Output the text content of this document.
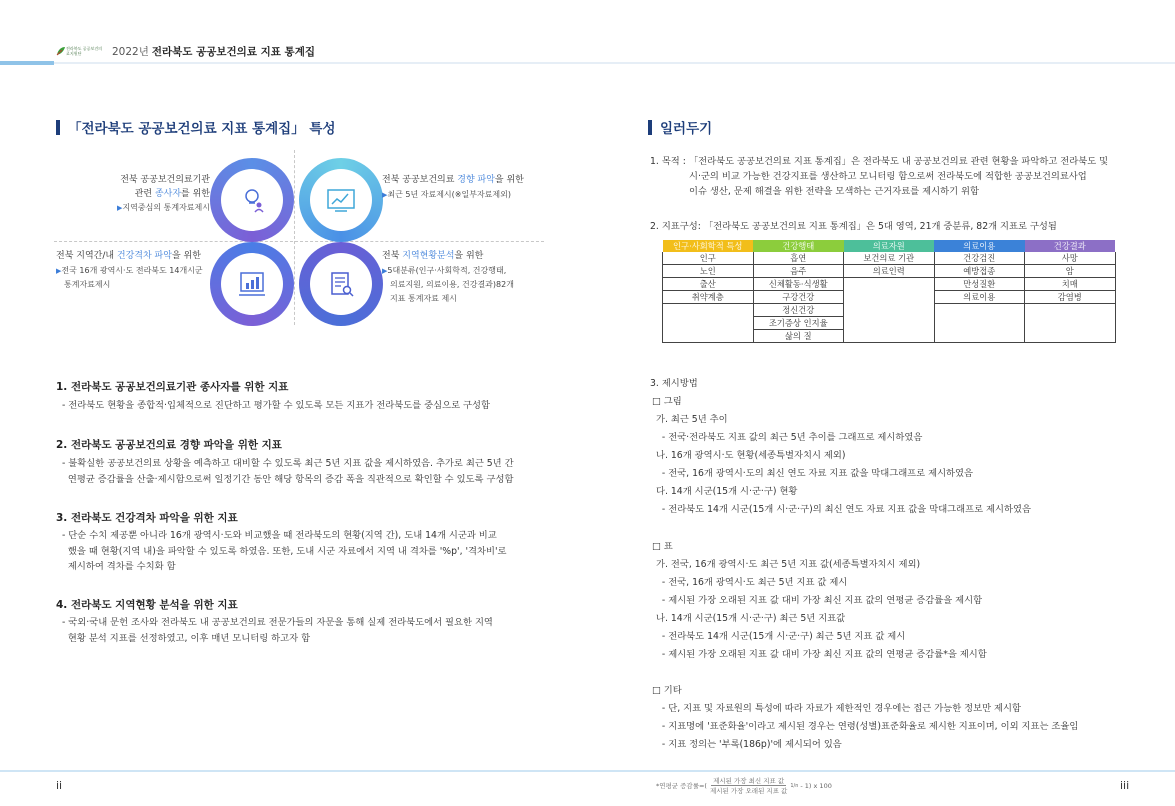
전라북도 공공보건의료지원단	2022년 전라북도 공공보건의료 지표 통계집
「전라북도 공공보건의료 지표 통계집」 특성
전북 공공보건의료기관
관련 종사자를 위한
▶지역중심의 통계자료제시
전북 공공보건의료 경향 파악을 위한
▶최근 5년 자료제시(※일부자료제외)
전북 지역간/내 건강격차 파악을 위한
▶전국 16개 광역시·도 전라북도 14개시군
통계자료제시
전북 지역현황분석을 위한
▶5대분류(인구·사회학적, 건강행태,
의료지원, 의료이용, 건강결과)82개
지표 통계자료 제시
1. 전라북도 공공보건의료기관 종사자를 위한 지표
- 전라북도 현황을 종합적·입체적으로 진단하고 평가할 수 있도록 모든 지표가 전라북도를 중심으로 구성함
2. 전라북도 공공보건의료 경향 파악을 위한 지표
- 불확실한 공공보건의료 상황을 예측하고 대비할 수 있도록 최근 5년 지표 값을 제시하였음. 추가로 최근 5년 간
연평균 증감률을 산출·제시함으로써 일정기간 동안 해당 항목의 증감 폭을 직관적으로 확인할 수 있도록 구성함
3. 전라북도 건강격차 파악을 위한 지표
- 단순 수치 제공뿐 아니라 16개 광역시·도와 비교했을 때 전라북도의 현황(지역 간), 도내 14개 시군과 비교
했을 때 현황(지역 내)을 파악할 수 있도록 하였음. 또한, 도내 시군 자료에서 지역 내 격차를 '%p', '격차비'로
제시하여 격차를 수치화 함
4. 전라북도 지역현황 분석을 위한 지표
- 국외·국내 문헌 조사와 전라북도 내 공공보건의료 전문가들의 자문을 통해 실제 전라북도에서 필요한 지역
현황 분석 지표를 선정하였고, 이후 매년 모니터링 하고자 함
일러두기
1. 목적 : 「전라북도 공공보건의료 지표 통계집」은 전라북도 내 공공보건의료 관련 현황을 파악하고 전라북도 및
시·군의 비교 가능한 건강지표를 생산하고 모니터링 함으로써 전라북도에 적합한 공공보건의료사업
이슈 생산, 문제 해결을 위한 전략을 모색하는 근거자료를 제시하기 위함
2. 지표구성: 「전라북도 공공보건의료 지표 통계집」은 5대 영역, 21개 중분류, 82개 지표로 구성됨
인구·사회학적 특성	건강행태	의료자원	의료이용	건강결과
인구	흡연	보건의료 기관	건강검진	사망
노인	음주	의료인력	예방접종	암
출산	신체활동·식생활		만성질환	치매
취약계층	구강건강		의료이용	감염병
	정신건강			
	조기증상 인지율			
	삶의 질			
3. 제시방법
□ 그림
가. 최근 5년 추이
- 전국·전라북도 지표 값의 최근 5년 추이를 그래프로 제시하였음
나. 16개 광역시·도 현황(세종특별자치시 제외)
- 전국, 16개 광역시·도의 최신 연도 자료 지표 값을 막대그래프로 제시하였음
다. 14개 시군(15개 시·군·구) 현황
- 전라북도 14개 시군(15개 시·군·구)의 최신 연도 자료 지표 값을 막대그래프로 제시하였음
□ 표
가. 전국, 16개 광역시·도 최근 5년 지표 값(세종특별자치시 제외)
- 전국, 16개 광역시·도 최근 5년 지표 값 제시
- 제시된 가장 오래된 지표 값 대비 가장 최신 지표 값의 연평균 증감률을 제시함
나. 14개 시군(15개 시·군·구) 최근 5년 지표값
- 전라북도 14개 시군(15개 시·군·구) 최근 5년 지표 값 제시
- 제시된 가장 오래된 지표 값 대비 가장 최신 지표 값의 연평균 증감률*을 제시함
□ 기타
- 단, 지표 및 자료원의 특성에 따라 자료가 제한적인 경우에는 접근 가능한 정보만 제시함
- 지표명에 '표준화율'이라고 제시된 경우는 연령(성별)표준화율로 제시한 지표이며, 이외 지표는 조율임
- 지표 정의는 '부록(186p)'에 제시되어 있음
ii	iii
*연평균 증감률=( $\frac{\text{제시된 가장 최신 지표 값}}{\text{제시된 가장 오래된 지표 값}} 1/n - 1$) x 100
